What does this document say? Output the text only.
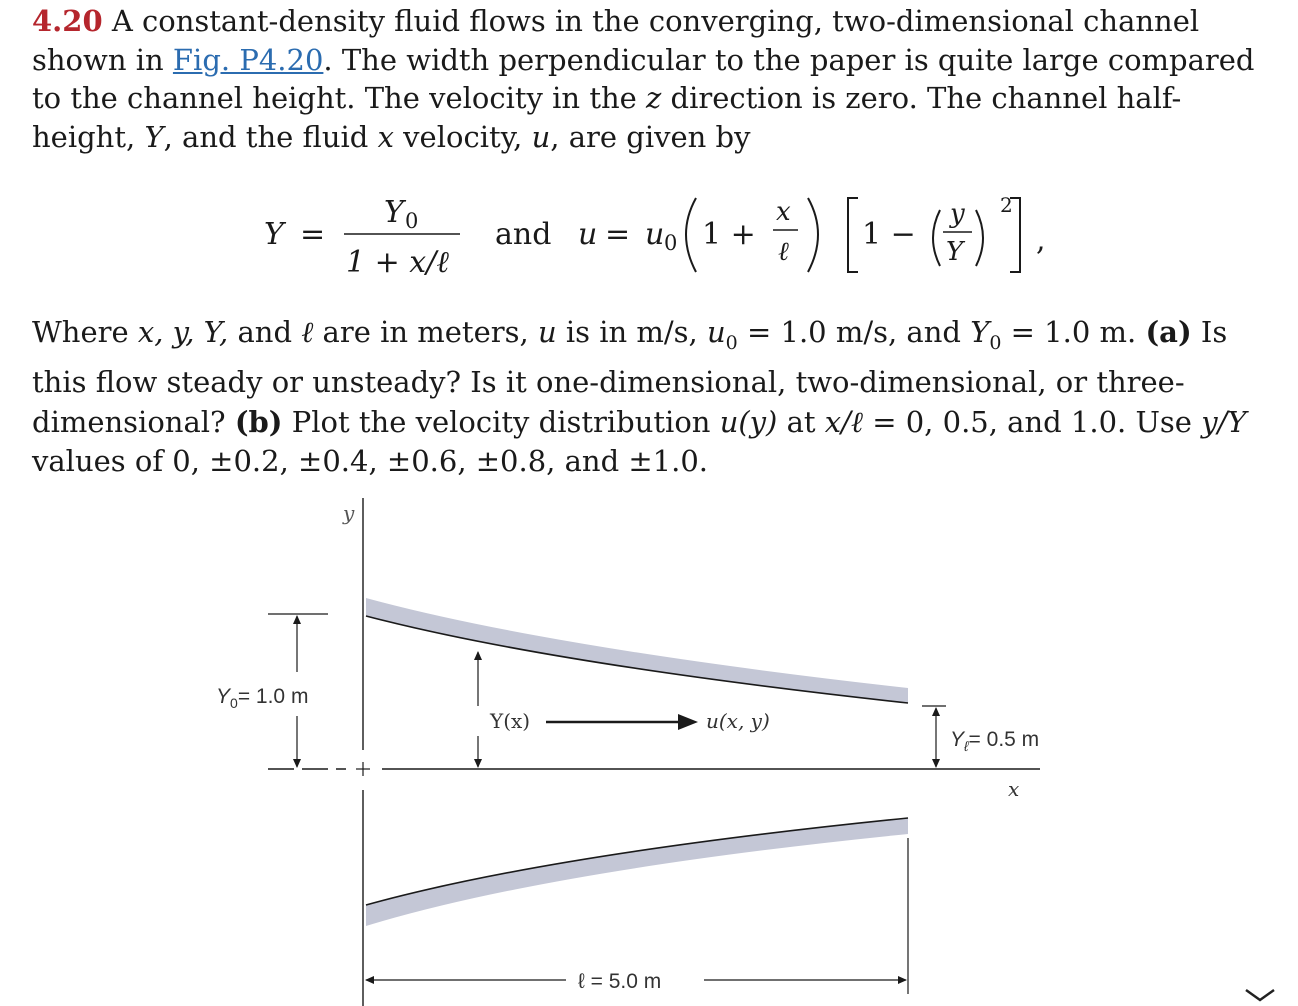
4.20 A constant-density fluid flows in the converging, two-dimensional channel shown in Fig. P4.20. The width perpendicular to the paper is quite large compared to the channel height. The velocity in the z direction is zero. The channel half-height, Y, and the fluid x velocity, u, are given by
Y =
Y 0
1 + x/ℓ
and u = u 0 1 +
x
ℓ 1 −
y
Y
2
,
Where x, y, Y, and ℓ are in meters, u is in m/s, $u_0 = 1.0$ m/s, and $Y_0 = 1.0$ m. (a) Is this flow steady or unsteady? Is it one-dimensional, two-dimensional, or three-dimensional? (b) Plot the velocity distribution u(y) at x/ℓ = 0, 0.5, and 1.0. Use y/Y values of 0, ±0.2, ±0.4, ±0.6, ±0.8, and ±1.0.
y
x
$Y_0= 1.0$ m
Y(x)	u(x, y)
$Y_\ell= 0.5$ m
ℓ = 5.0 m
